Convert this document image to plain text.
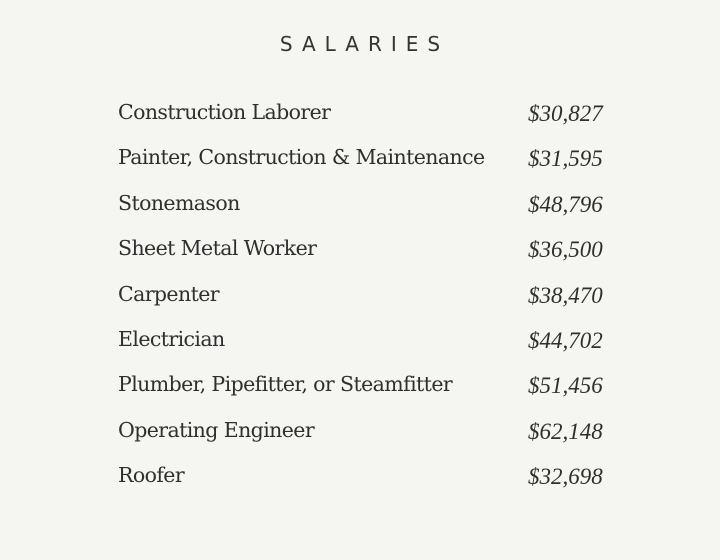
SALARIES
Construction Laborer	$30,827
Painter, Construction & Maintenance $31,595
Stonemason	$48,796
Sheet Metal Worker	$36,500
Carpenter	$38,470
Electrician	$44,702
Plumber, Pipefitter, or Steamfitter	$51,456
Operating Engineer	$62,148
Roofer	$32,698
